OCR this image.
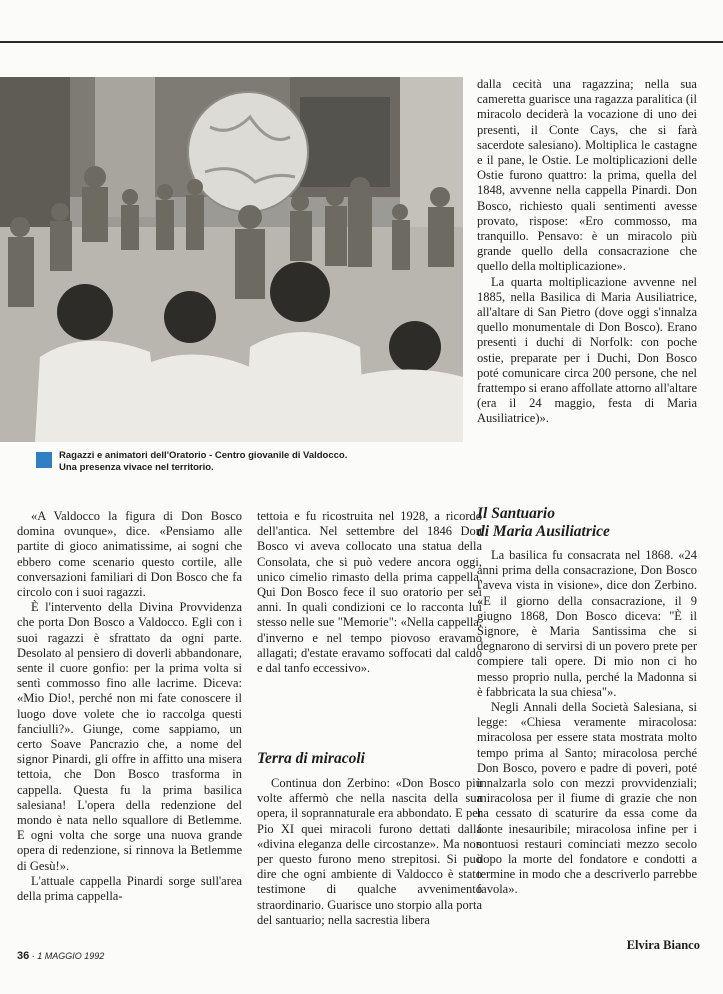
Ragazzi e animatori dell'Oratorio - Centro giovanile di Valdocco.
Una presenza vivace nel territorio.

dalla cecità una ragazzina; nella sua cameretta guarisce una ragazza paralitica (il miracolo deciderà la vocazione di uno dei presenti, il Conte Cays, che si farà sacerdote salesiano). Moltiplica le castagne e il pane, le Ostie. Le moltiplicazioni delle Ostie furono quattro: la prima, quella del 1848, avvenne nella cappella Pinardi. Don Bosco, richiesto quali sentimenti avesse provato, rispose: «Ero commosso, ma tranquillo. Pensavo: è un miracolo più grande quello della consacrazione che quello della moltiplicazione».

La quarta moltiplicazione avvenne nel 1885, nella Basilica di Maria Ausiliatrice, all'altare di San Pietro (dove oggi s'innalza quello monumentale di Don Bosco). Erano presenti i duchi di Norfolk: con poche ostie, preparate per i Duchi, Don Bosco poté comunicare circa 200 persone, che nel frattempo si erano affollate attorno all'altare (era il 24 maggio, festa di Maria Ausiliatrice)».

«A Valdocco la figura di Don Bosco domina ovunque», dice. «Pensiamo alle partite di gioco animatissime, ai sogni che ebbero come scenario questo cortile, alle conversazioni familiari di Don Bosco che fa circolo con i suoi ragazzi.

È l'intervento della Divina Provvidenza che porta Don Bosco a Valdocco. Egli con i suoi ragazzi è sfrattato da ogni parte. Desolato al pensiero di doverli abbandonare, sente il cuore gonfio: per la prima volta si sentì commosso fino alle lacrime. Diceva: «Mio Dio!, perché non mi fate conoscere il luogo dove volete che io raccolga questi fanciulli?». Giunge, come sappiamo, un certo Soave Pancrazio che, a nome del signor Pinardi, gli offre in affitto una misera tettoia, che Don Bosco trasforma in cappella. Questa fu la prima basilica salesiana! L'opera della redenzione del mondo è nata nello squallore di Betlemme. E ogni volta che sorge una nuova grande opera di redenzione, si rinnova la Betlemme di Gesù!».

L'attuale cappella Pinardi sorge sull'area della prima cappella-

tettoia e fu ricostruita nel 1928, a ricordo dell'antica. Nel settembre del 1846 Don Bosco vi aveva collocato una statua della Consolata, che si può vedere ancora oggi, unico cimelio rimasto della prima cappella. Qui Don Bosco fece il suo oratorio per sei anni. In quali condizioni ce lo racconta lui stesso nelle sue "Memorie": «Nella cappella, d'inverno e nel tempo piovoso eravamo allagati; d'estate eravamo soffocati dal caldo e dal tanfo eccessivo».

Terra di miracoli

Continua don Zerbino: «Don Bosco più volte affermò che nella nascita della sua opera, il soprannaturale era abbondato. E per Pio XI quei miracoli furono dettati dalla «divina eleganza delle circostanze». Ma non per questo furono meno strepitosi. Si può dire che ogni ambiente di Valdocco è stato testimone di qualche avvenimento straordinario. Guarisce uno storpio alla porta del santuario; nella sacrestia libera

Il Santuario
di Maria Ausiliatrice

La basilica fu consacrata nel 1868. «24 anni prima della consacrazione, Don Bosco l'aveva vista in visione», dice don Zerbino. «E il giorno della consacrazione, il 9 giugno 1868, Don Bosco diceva: "È il Signore, è Maria Santissima che si degnarono di servirsi di un povero prete per compiere tali opere. Di mio non ci ho messo proprio nulla, perché la Madonna si è fabbricata la sua chiesa"».

Negli Annali della Società Salesiana, si legge: «Chiesa veramente miracolosa: miracolosa per essere stata mostrata molto tempo prima al Santo; miracolosa perché Don Bosco, povero e padre di poveri, poté innalzarla solo con mezzi provvidenziali; miracolosa per il fiume di grazie che non ha cessato di scaturire da essa come da fonte inesauribile; miracolosa infine per i sontuosi restauri cominciati mezzo secolo dopo la morte del fondatore e condotti a termine in modo che a descriverlo parrebbe favola».

Elvira Bianco
36 · 1 MAGGIO 1992
